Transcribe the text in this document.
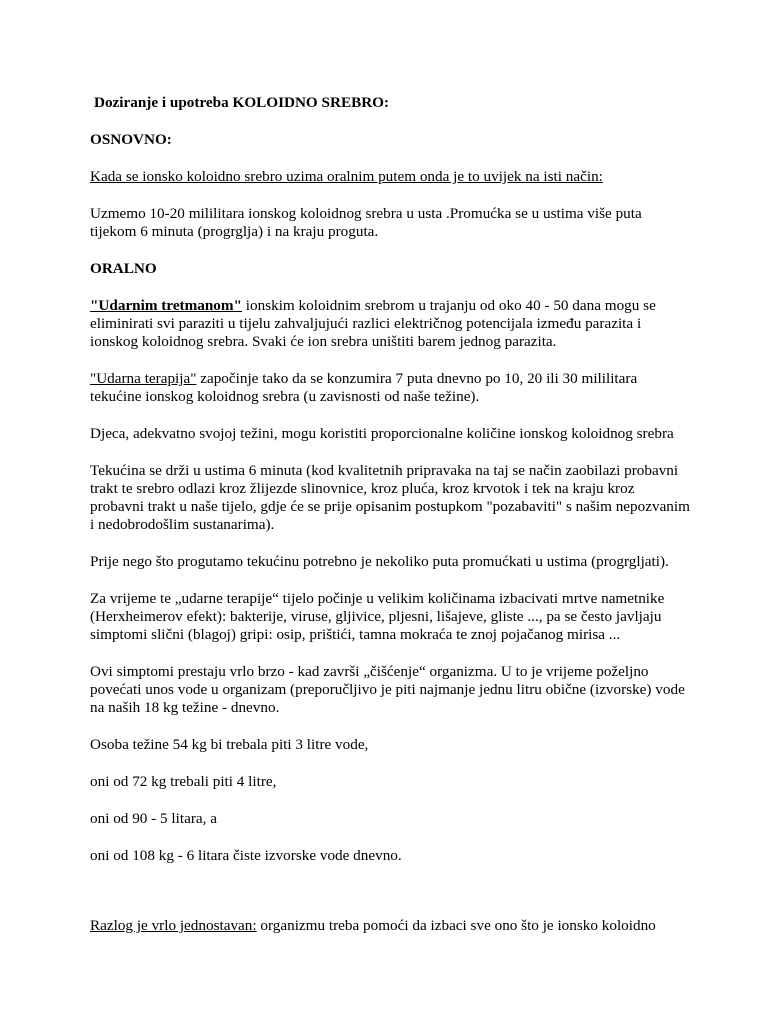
Doziranje i upotreba KOLOIDNO SREBRO:

OSNOVNO:

Kada se ionsko koloidno srebro uzima oralnim putem onda je to uvijek na isti način:

Uzmemo 10-20 mililitara ionskog koloidnog srebra u usta .Promućka se u ustima više puta tijekom 6 minuta (progrglja) i na kraju proguta.

ORALNO

"Udarnim tretmanom" ionskim koloidnim srebrom u trajanju od oko 40 - 50 dana mogu se eliminirati svi paraziti u tijelu zahvaljujući razlici električnog potencijala između parazita i ionskog koloidnog srebra. Svaki će ion srebra uništiti barem jednog parazita.

"Udarna terapija" započinje tako da se konzumira 7 puta dnevno po 10, 20 ili 30 mililitara tekućine ionskog koloidnog srebra (u zavisnosti od naše težine).

Djeca, adekvatno svojoj težini, mogu koristiti proporcionalne količine ionskog koloidnog srebra

Tekućina se drži u ustima 6 minuta (kod kvalitetnih pripravaka na taj se način zaobilazi probavni trakt te srebro odlazi kroz žlijezde slinovnice, kroz pluća, kroz krvotok i tek na kraju kroz probavni trakt u naše tijelo, gdje će se prije opisanim postupkom "pozabaviti" s našim nepozvanim i nedobrodošlim sustanarima).

Prije nego što progutamo tekućinu potrebno je nekoliko puta promućkati u ustima (progrgljati).

Za vrijeme te „udarne terapije“ tijelo počinje u velikim količinama izbacivati mrtve nametnike (Herxheimerov efekt): bakterije, viruse, gljivice, pljesni, lišajeve, gliste ..., pa se često javljaju simptomi slični (blagoj) gripi: osip, prištići, tamna mokraća te znoj pojačanog mirisa ...

Ovi simptomi prestaju vrlo brzo - kad završi „čišćenje“ organizma. U to je vrijeme poželjno povećati unos vode u organizam (preporučljivo je piti najmanje jednu litru obične (izvorske) vode na naših 18 kg težine - dnevno.

Osoba težine 54 kg bi trebala piti 3 litre vode,

oni od 72 kg trebali piti 4 litre,

oni od 90 - 5 litara, a

oni od 108 kg - 6 litara čiste izvorske vode dnevno.

Razlog je vrlo jednostavan: organizmu treba pomoći da izbaci sve ono što je ionsko koloidno
